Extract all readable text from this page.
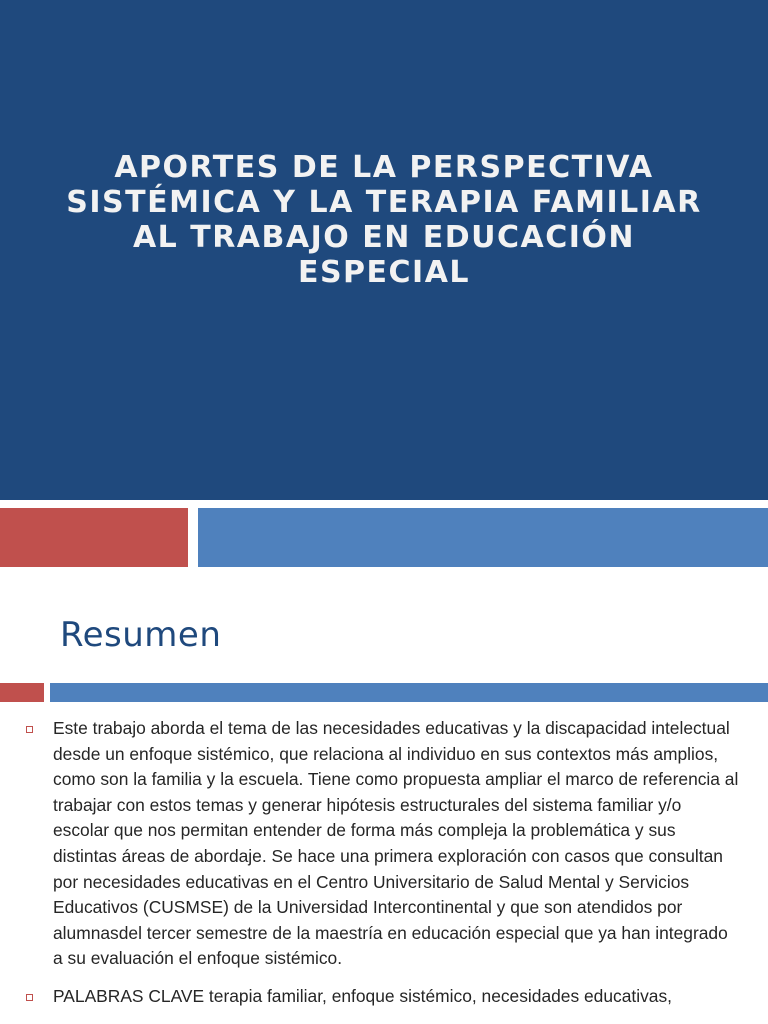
APORTES DE LA PERSPECTIVA
SISTÉMICA Y LA TERAPIA FAMILIAR
AL TRABAJO EN EDUCACIÓN
ESPECIAL
Resumen
Este trabajo aborda el tema de las necesidades educativas y la discapacidad intelectual desde un enfoque sistémico, que relaciona al individuo en sus contextos más amplios, como son la familia y la escuela. Tiene como propuesta ampliar el marco de referencia al trabajar con estos temas y generar hipótesis estructurales del sistema familiar y/o escolar que nos permitan entender de forma más compleja la problemática y sus distintas áreas de abordaje. Se hace una primera exploración con casos que consultan por necesidades educativas en el Centro Universitario de Salud Mental y Servicios Educativos (CUSMSE) de la Universidad Intercontinental y que son atendidos por alumnasdel tercer semestre de la maestría en educación especial que ya han integrado a su evaluación el enfoque sistémico.
PALABRAS CLAVE terapia familiar, enfoque sistémico, necesidades educativas,
